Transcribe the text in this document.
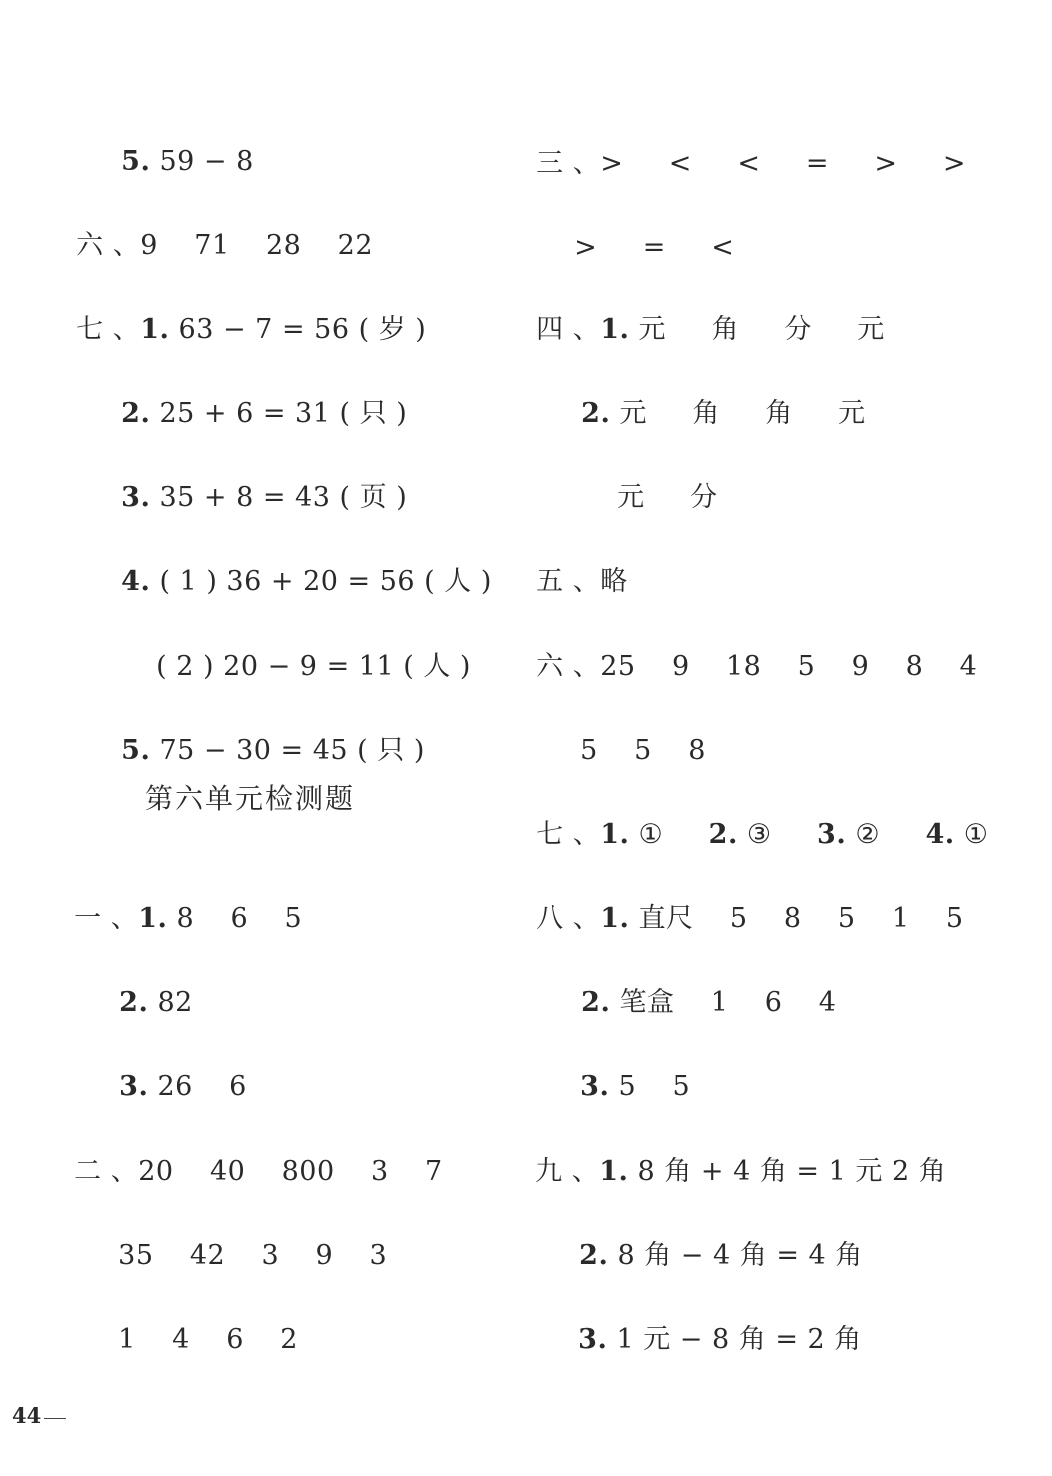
5. 59 − 8

六 、9    71    28    22

七 、1. 63 − 7 = 56 ( 岁 )

2. 25 + 6 = 31 ( 只 )

3. 35 + 8 = 43 ( 页 )

4. ( 1 ) 36 + 20 = 56 ( 人 )

( 2 ) 20 − 9 = 11 ( 人 )

5. 75 − 30 = 45 ( 只 )

第六单元检测题

一 、1. 8    6    5

2. 82

3. 26    6

二 、20    40    800    3    7

35    42    3    9    3

1    4    6    2

三 、>     <     <     =     >     >

>     =     <

四 、1. 元     角     分     元

2. 元     角     角     元

元     分

五 、略

六 、25    9    18    5    9    8    4

5    5    8

七 、1. ①     2. ③     3. ②     4. ①

八 、1. 直尺    5    8    5    1    5

2. 笔盒    1    6    4

3. 5    5

九 、1. 8 角 + 4 角 = 1 元 2 角

2. 8 角 − 4 角 = 4 角

3. 1 元 − 8 角 = 2 角

44
